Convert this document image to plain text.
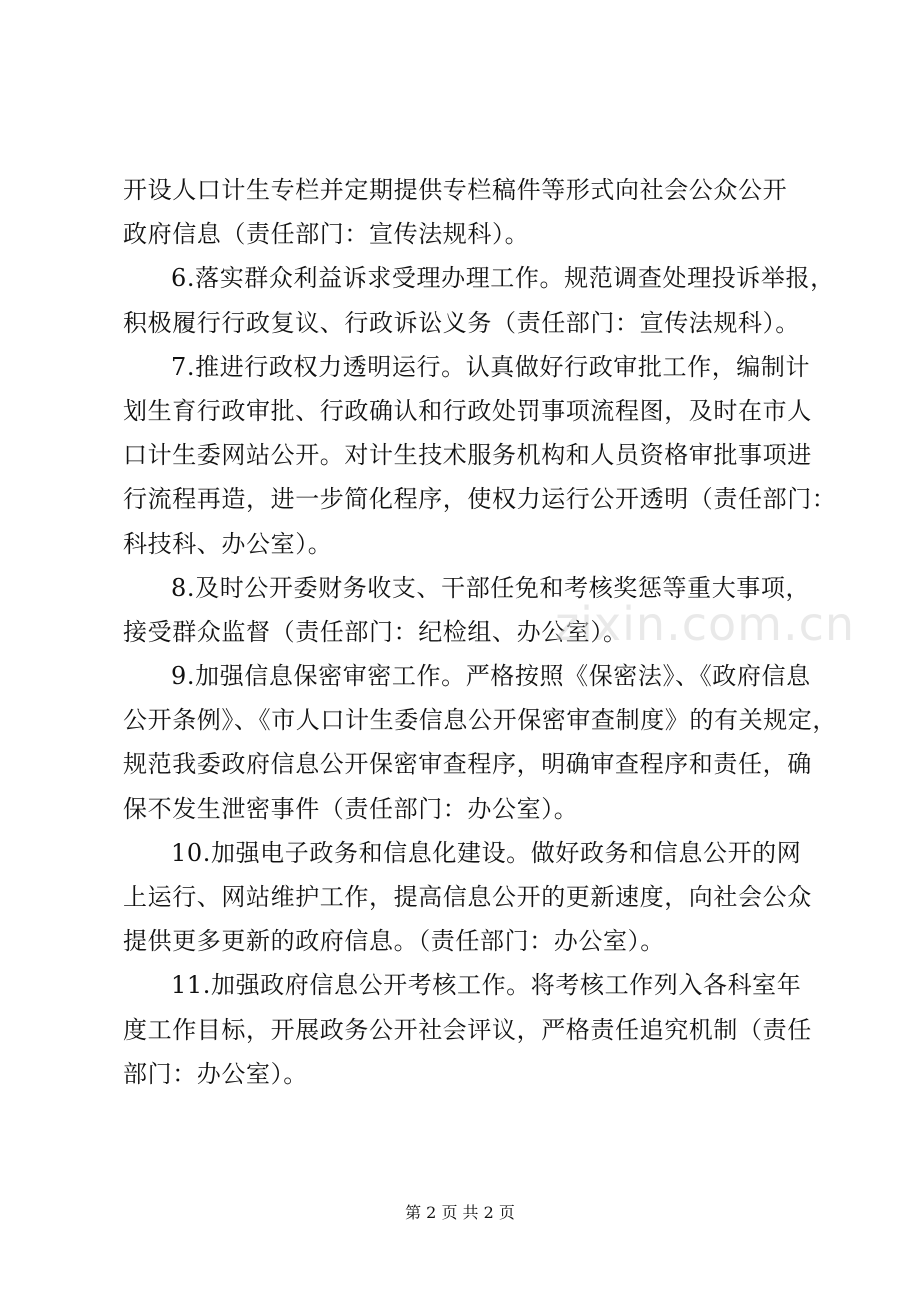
开设人口计生专栏并定期提供专栏稿件等形式向社会公众公开
政府信息（责任部门：宣传法规科）。
6.落实群众利益诉求受理办理工作。规范调查处理投诉举报，
积极履行行政复议、行政诉讼义务（责任部门：宣传法规科）。
7.推进行政权力透明运行。认真做好行政审批工作，编制计
划生育行政审批、行政确认和行政处罚事项流程图，及时在市人
口计生委网站公开。对计生技术服务机构和人员资格审批事项进
行流程再造，进一步简化程序，使权力运行公开透明（责任部门：
科技科、办公室）。
8.及时公开委财务收支、干部任免和考核奖惩等重大事项，
接受群众监督（责任部门：纪检组、办公室）。
9.加强信息保密审密工作。严格按照《保密法》、《政府信息
公开条例》、《市人口计生委信息公开保密审查制度》的有关规定，
规范我委政府信息公开保密审查程序，明确审查程序和责任，确
保不发生泄密事件（责任部门：办公室）。
10.加强电子政务和信息化建设。做好政务和信息公开的网
上运行、网站维护工作，提高信息公开的更新速度，向社会公众
提供更多更新的政府信息。（责任部门：办公室）。
11.加强政府信息公开考核工作。将考核工作列入各科室年
度工作目标，开展政务公开社会评议，严格责任追究机制（责任
部门：办公室）。
zixin.com.cn
第 2 页 共 2 页
